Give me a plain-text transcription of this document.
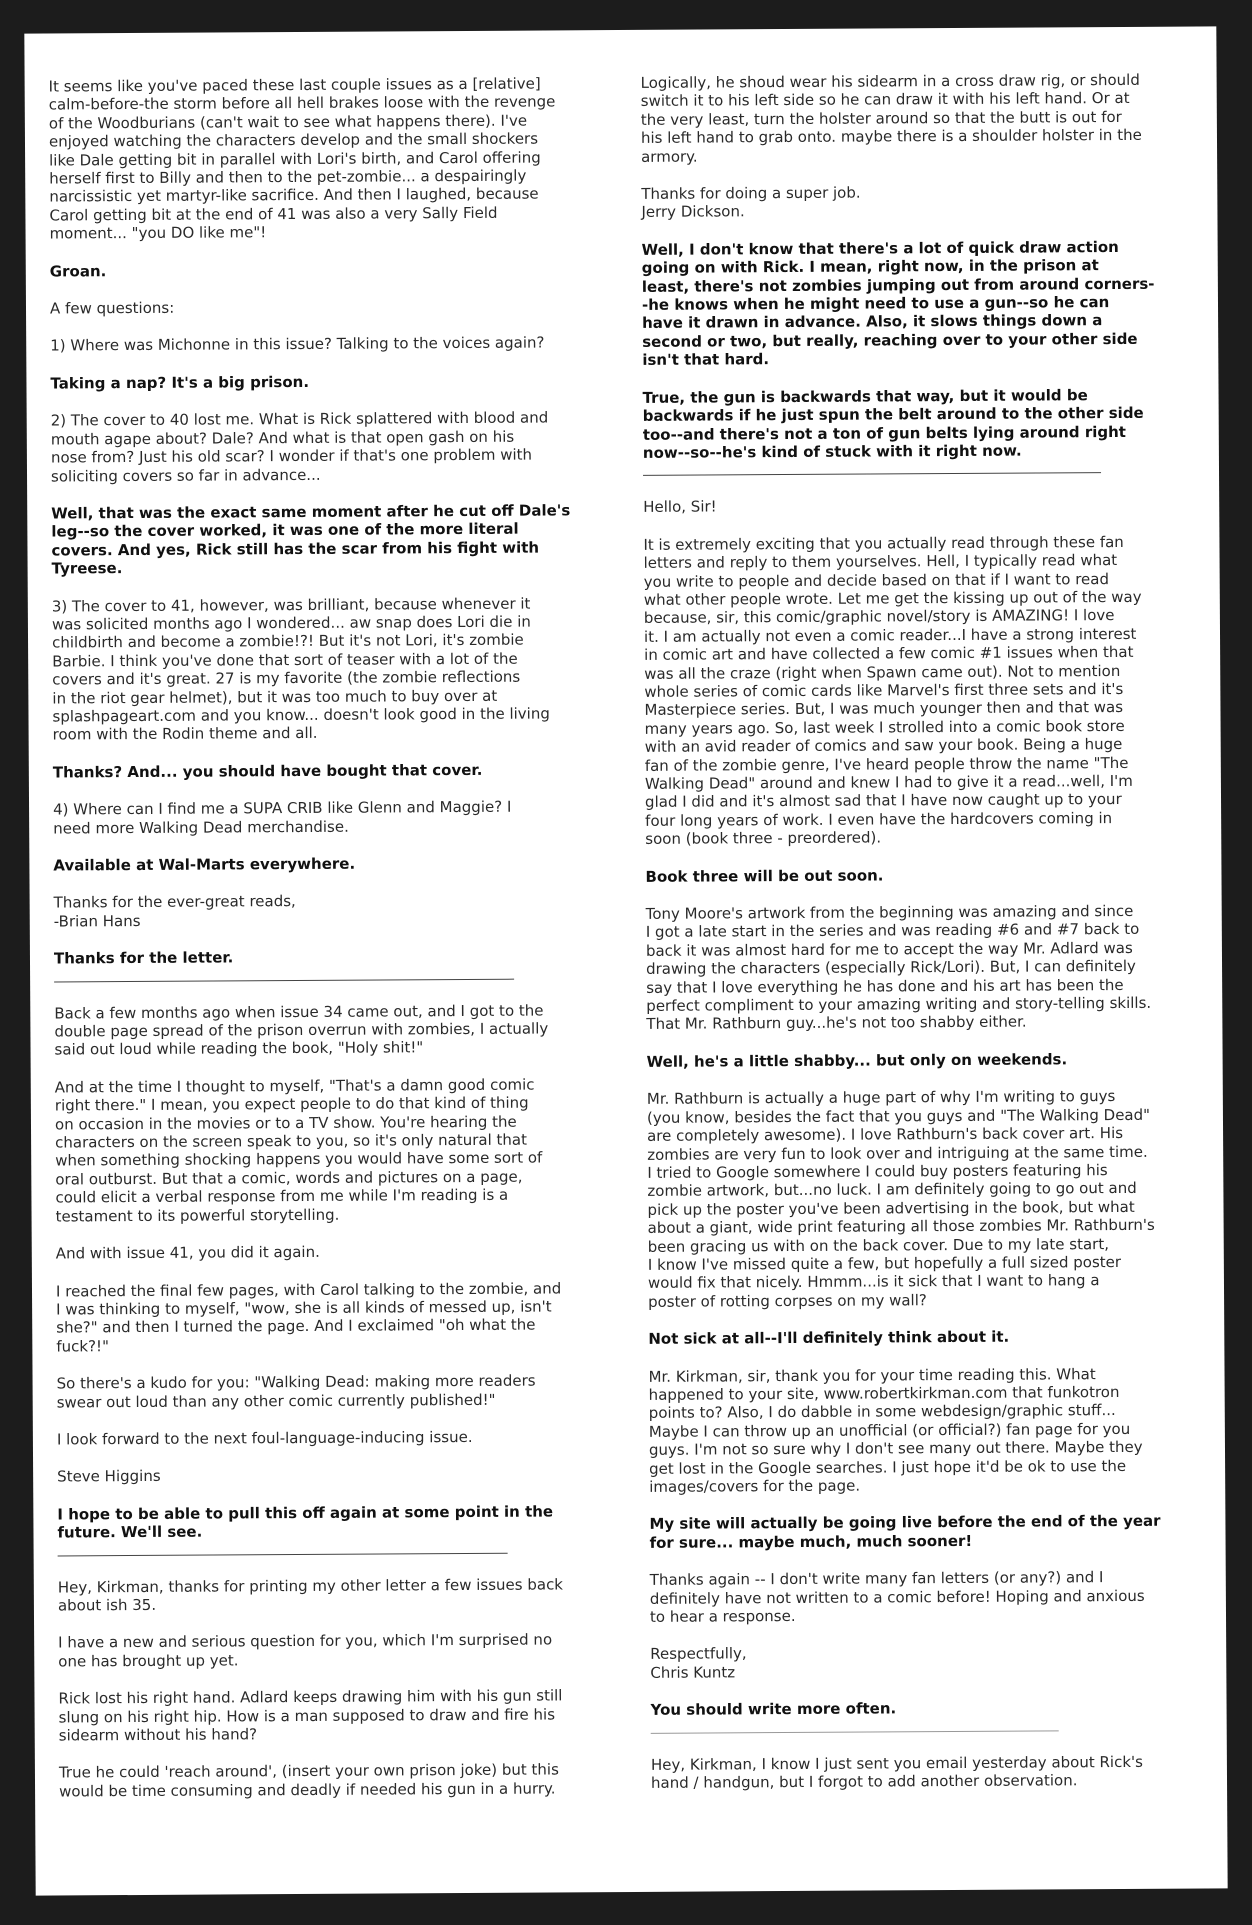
It seems like you've paced these last couple issues as a [relative]
calm-before-the storm before all hell brakes loose with the revenge
of the Woodburians (can't wait to see what happens there). I've
enjoyed watching the characters develop and the small shockers
like Dale getting bit in parallel with Lori's birth, and Carol offering
herself first to Billy and then to the pet-zombie... a despairingly
narcissistic yet martyr-like sacrifice. And then I laughed, because
Carol getting bit at the end of 41 was also a very Sally Field
moment... "you DO like me"!

Groan.

A few questions:

1) Where was Michonne in this issue? Talking to the voices again?

Taking a nap? It's a big prison.

2) The cover to 40 lost me. What is Rick splattered with blood and
mouth agape about? Dale? And what is that open gash on his
nose from? Just his old scar? I wonder if that's one problem with
soliciting covers so far in advance...

Well, that was the exact same moment after he cut off Dale's
leg--so the cover worked, it was one of the more literal
covers. And yes, Rick still has the scar from his fight with
Tyreese.

3) The cover to 41, however, was brilliant, because whenever it
was solicited months ago I wondered... aw snap does Lori die in
childbirth and become a zombie!?! But it's not Lori, it's zombie
Barbie. I think you've done that sort of teaser with a lot of the
covers and it's great. 27 is my favorite (the zombie reflections
in the riot gear helmet), but it was too much to buy over at
splashpageart.com and you know... doesn't look good in the living
room with the Rodin theme and all.

Thanks? And... you should have bought that cover.

4) Where can I find me a SUPA CRIB like Glenn and Maggie? I
need more Walking Dead merchandise.

Available at Wal-Marts everywhere.

Thanks for the ever-great reads,
-Brian Hans

Thanks for the letter.

Back a few months ago when issue 34 came out, and I got to the
double page spread of the prison overrun with zombies, I actually
said out loud while reading the book, "Holy shit!"

And at the time I thought to myself, "That's a damn good comic
right there." I mean, you expect people to do that kind of thing
on occasion in the movies or to a TV show. You're hearing the
characters on the screen speak to you, so it's only natural that
when something shocking happens you would have some sort of
oral outburst. But that a comic, words and pictures on a page,
could elicit a verbal response from me while I'm reading is a
testament to its powerful storytelling.

And with issue 41, you did it again.

I reached the final few pages, with Carol talking to the zombie, and
I was thinking to myself, "wow, she is all kinds of messed up, isn't
she?" and then I turned the page. And I exclaimed "oh what the
fuck?!"

So there's a kudo for you: "Walking Dead: making more readers
swear out loud than any other comic currently published!"

I look forward to the next foul-language-inducing issue.

Steve Higgins

I hope to be able to pull this off again at some point in the
future. We'll see.

Hey, Kirkman, thanks for printing my other letter a few issues back
about ish 35.

I have a new and serious question for you, which I'm surprised no
one has brought up yet.

Rick lost his right hand. Adlard keeps drawing him with his gun still
slung on his right hip. How is a man supposed to draw and fire his
sidearm without his hand?

True he could 'reach around', (insert your own prison joke) but this
would be time consuming and deadly if needed his gun in a hurry.

Logically, he shoud wear his sidearm in a cross draw rig, or should
switch it to his left side so he can draw it with his left hand. Or at
the very least, turn the holster around so that the butt is out for
his left hand to grab onto. maybe there is a shoulder holster in the
armory.

Thanks for doing a super job.
Jerry Dickson.

Well, I don't know that there's a lot of quick draw action
going on with Rick. I mean, right now, in the prison at
least, there's not zombies jumping out from around corners-
-he knows when he might need to use a gun--so he can
have it drawn in advance. Also, it slows things down a
second or two, but really, reaching over to your other side
isn't that hard.

True, the gun is backwards that way, but it would be
backwards if he just spun the belt around to the other side
too--and there's not a ton of gun belts lying around right
now--so--he's kind of stuck with it right now.

Hello, Sir!

It is extremely exciting that you actually read through these fan
letters and reply to them yourselves. Hell, I typically read what
you write to people and decide based on that if I want to read
what other people wrote. Let me get the kissing up out of the way
because, sir, this comic/graphic novel/story is AMAZING! I love
it. I am actually not even a comic reader...I have a strong interest
in comic art and have collected a few comic #1 issues when that
was all the craze (right when Spawn came out). Not to mention
whole series of comic cards like Marvel's first three sets and it's
Masterpiece series. But, I was much younger then and that was
many years ago. So, last week I strolled into a comic book store
with an avid reader of comics and saw your book. Being a huge
fan of the zombie genre, I've heard people throw the name "The
Walking Dead" around and knew I had to give it a read...well, I'm
glad I did and it's almost sad that I have now caught up to your
four long years of work. I even have the hardcovers coming in
soon (book three - preordered).

Book three will be out soon.

Tony Moore's artwork from the beginning was amazing and since
I got a late start in the series and was reading #6 and #7 back to
back it was almost hard for me to accept the way Mr. Adlard was
drawing the characters (especially Rick/Lori). But, I can definitely
say that I love everything he has done and his art has been the
perfect compliment to your amazing writing and story-telling skills.
That Mr. Rathburn guy...he's not too shabby either.

Well, he's a little shabby... but only on weekends.

Mr. Rathburn is actually a huge part of why I'm writing to guys
(you know, besides the fact that you guys and "The Walking Dead"
are completely awesome). I love Rathburn's back cover art. His
zombies are very fun to look over and intriguing at the same time.
I tried to Google somewhere I could buy posters featuring his
zombie artwork, but...no luck. I am definitely going to go out and
pick up the poster you've been advertising in the book, but what
about a giant, wide print featuring all those zombies Mr. Rathburn's
been gracing us with on the back cover. Due to my late start,
I know I've missed quite a few, but hopefully a full sized poster
would fix that nicely. Hmmm...is it sick that I want to hang a
poster of rotting corpses on my wall?

Not sick at all--I'll definitely think about it.

Mr. Kirkman, sir, thank you for your time reading this. What
happened to your site, www.robertkirkman.com that funkotron
points to? Also, I do dabble in some webdesign/graphic stuff...
Maybe I can throw up an unofficial (or official?) fan page for you
guys. I'm not so sure why I don't see many out there. Maybe they
get lost in the Google searches. I just hope it'd be ok to use the
images/covers for the page.

My site will actually be going live before the end of the year
for sure... maybe much, much sooner!

Thanks again -- I don't write many fan letters (or any?) and I
definitely have not written to a comic before! Hoping and anxious
to hear a response.

Respectfully,
Chris Kuntz

You should write more often.

Hey, Kirkman, I know I just sent you email yesterday about Rick's
hand / handgun, but I forgot to add another observation.
